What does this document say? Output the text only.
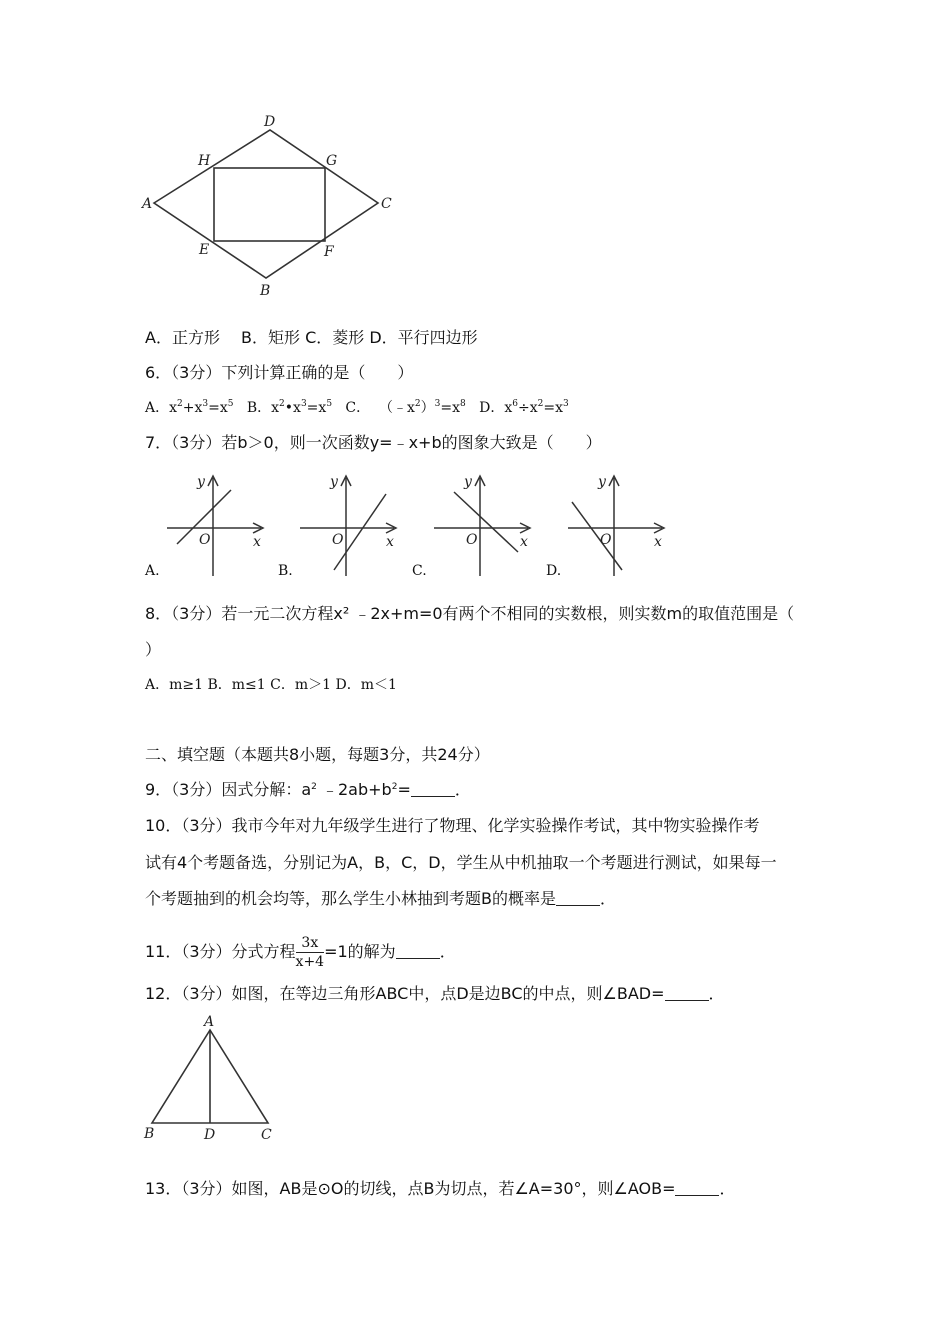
D
H	G
A	C
E	F
B
A．正方形　 B．矩形 C．菱形 D．平行四边形
6．（3分）下列计算正确的是（　　）
A．$x^2+x^3=x^5$ B．$x^2•x^3=x^5$   C．  $(﹣x^2)^3=x^8$ D．$x^6\div x^2=x^3$
7．（3分）若b＞0，则一次函数y=﹣x+b的图象大致是（　　）
y
x
O
A.
y
x
O
B.
y
x
O
C.
y
x
O
D.
8．（3分）若一元二次方程x² ﹣2x+m=0有两个不相同的实数根，则实数m的取值范围是（
）
A．m≥1 B．m≤1 C．m＞1 D．m＜1
二、填空题（本题共8小题，每题3分，共24分）
9．（3分）因式分解：$a^2$ $﹣2ab+b^2=$	．
10．（3分）我市今年对九年级学生进行了物理、化学实验操作考试，其中物实验操作考
试有4个考题备选，分别记为A，B，C，D，学生从中机抽取一个考题进行测试，如果每一
个考题抽到的机会均等，那么学生小林抽到考题B的概率是	．
11．（3分）分式方程 $\frac{3x}{x+4} =1$的解为	．
12．（3分）如图，在等边三角形ABC中，点D是边BC的中点，则∠BAD=	．
A
B	D	C
13．（3分）如图，AB是⊙O的切线，点B为切点，若∠A=30°，则∠AOB=	．
